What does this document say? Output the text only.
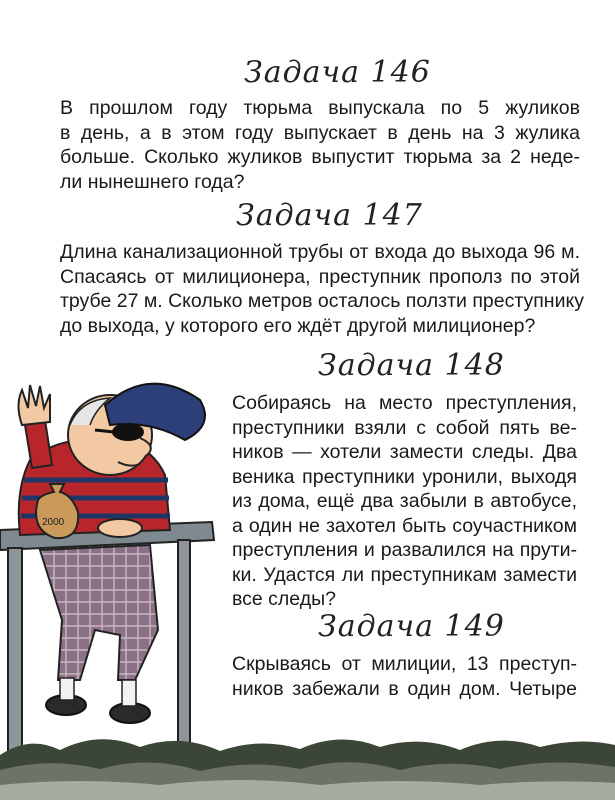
Задача 146

В прошлом году тюрьма выпускала по 5 жуликов
в день, а в этом году выпускает в день на 3 жулика
больше. Сколько жуликов выпустит тюрьма за 2 неде-
ли нынешнего года?

Задача 147

Длина канализационной трубы от входа до выхода 96 м.
Спасаясь от милиционера, преступник прополз по этой
трубе 27 м. Сколько метров осталось ползти преступнику
до выхода, у которого его ждёт другой милиционер?

Задача 148

Собираясь на место преступления,
преступники взяли с собой пять ве-
ников — хотели замести следы. Два
веника преступники уронили, выходя
из дома, ещё два забыли в автобусе,
а один не захотел быть соучастником
преступления и развалился на прути-
ки. Удастся ли преступникам замести
все следы?

Задача 149

Скрываясь от милиции, 13 преступ-
ников забежали в один дом. Четыре

2000
